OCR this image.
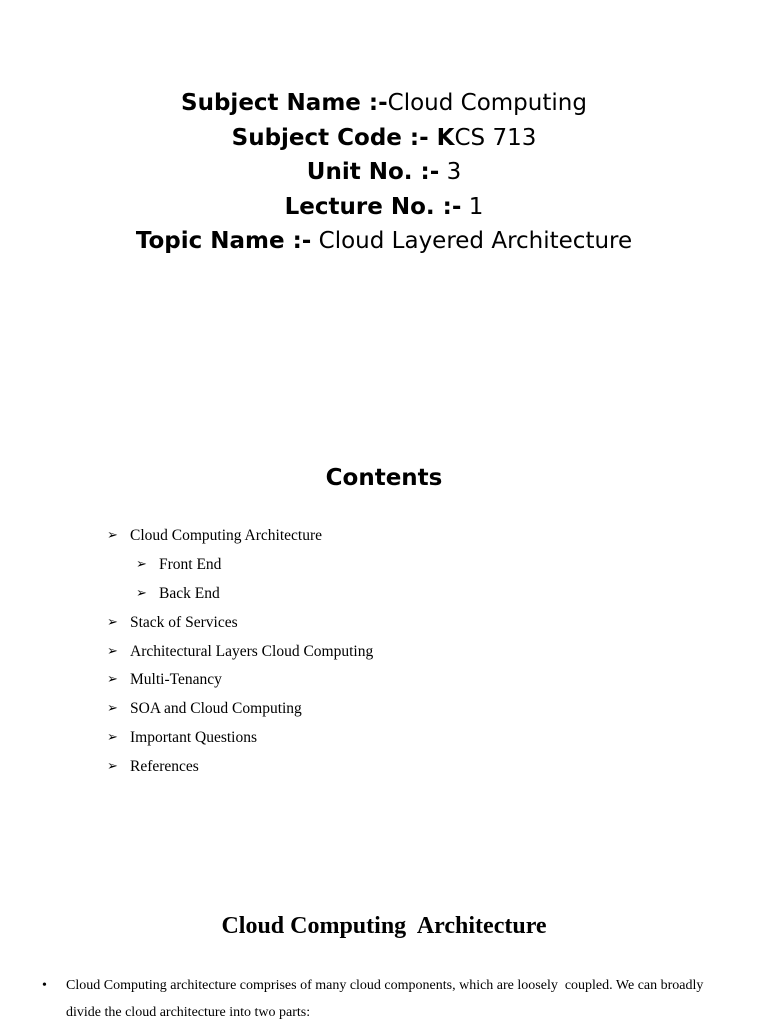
Subject Name :-Cloud Computing
Subject Code :- KCS 713
Unit No. :- 3
Lecture No. :- 1
Topic Name :- Cloud Layered Architecture
Contents
➢ Cloud Computing Architecture
➢ Front End
➢ Back End
➢ Stack of Services
➢ Architectural Layers Cloud Computing
➢ Multi-Tenancy
➢ SOA and Cloud Computing
➢ Important Questions
➢ References
Cloud Computing  Architecture
• Cloud Computing architecture comprises of many cloud components, which are loosely  coupled. We can broadly divide the cloud architecture into two parts:
